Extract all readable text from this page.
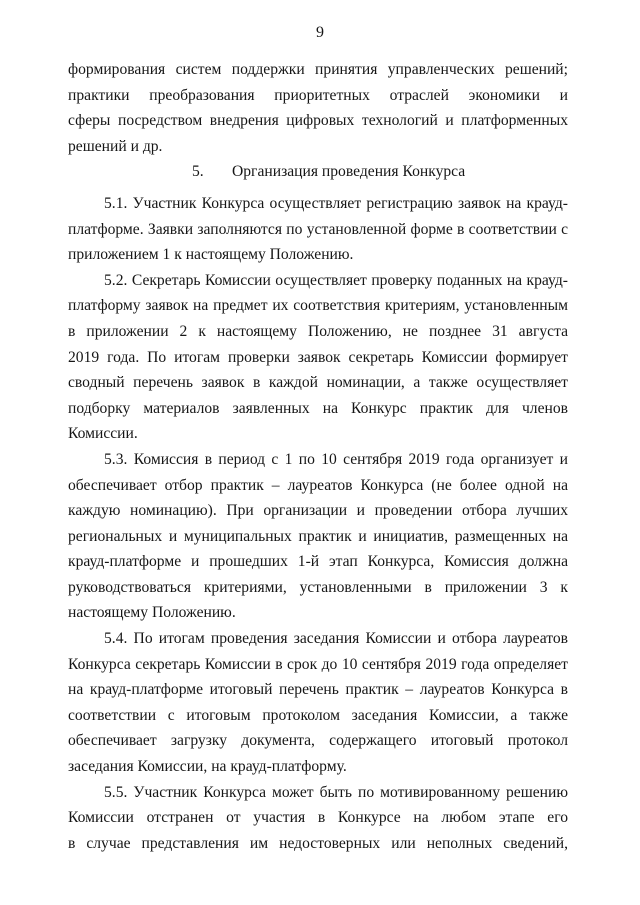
9
формирования систем поддержки принятия управленческих решений;
практики преобразования приоритетных отраслей экономики и
сферы посредством внедрения цифровых технологий и платформенных
решений и др.
5. Организация проведения Конкурса
5.1. Участник Конкурса осуществляет регистрацию заявок на крауд-
платформе. Заявки заполняются по установленной форме в соответствии с
приложением 1 к настоящему Положению.
5.2. Секретарь Комиссии осуществляет проверку поданных на крауд-
платформу заявок на предмет их соответствия критериям, установленным
в приложении 2 к настоящему Положению, не позднее 31 августа
2019 года. По итогам проверки заявок секретарь Комиссии формирует
сводный перечень заявок в каждой номинации, а также осуществляет
подборку материалов заявленных на Конкурс практик для членов
Комиссии.
5.3. Комиссия в период с 1 по 10 сентября 2019 года организует и
обеспечивает отбор практик – лауреатов Конкурса (не более одной на
каждую номинацию). При организации и проведении отбора лучших
региональных и муниципальных практик и инициатив, размещенных на
крауд-платформе и прошедших 1-й этап Конкурса, Комиссия должна
руководствоваться критериями, установленными в приложении 3 к
настоящему Положению.
5.4. По итогам проведения заседания Комиссии и отбора лауреатов
Конкурса секретарь Комиссии в срок до 10 сентября 2019 года определяет
на крауд-платформе итоговый перечень практик – лауреатов Конкурса в
соответствии с итоговым протоколом заседания Комиссии, а также
обеспечивает загрузку документа, содержащего итоговый протокол
заседания Комиссии, на крауд-платформу.
5.5. Участник Конкурса может быть по мотивированному решению
Комиссии отстранен от участия в Конкурсе на любом этапе его
в случае представления им недостоверных или неполных сведений,
